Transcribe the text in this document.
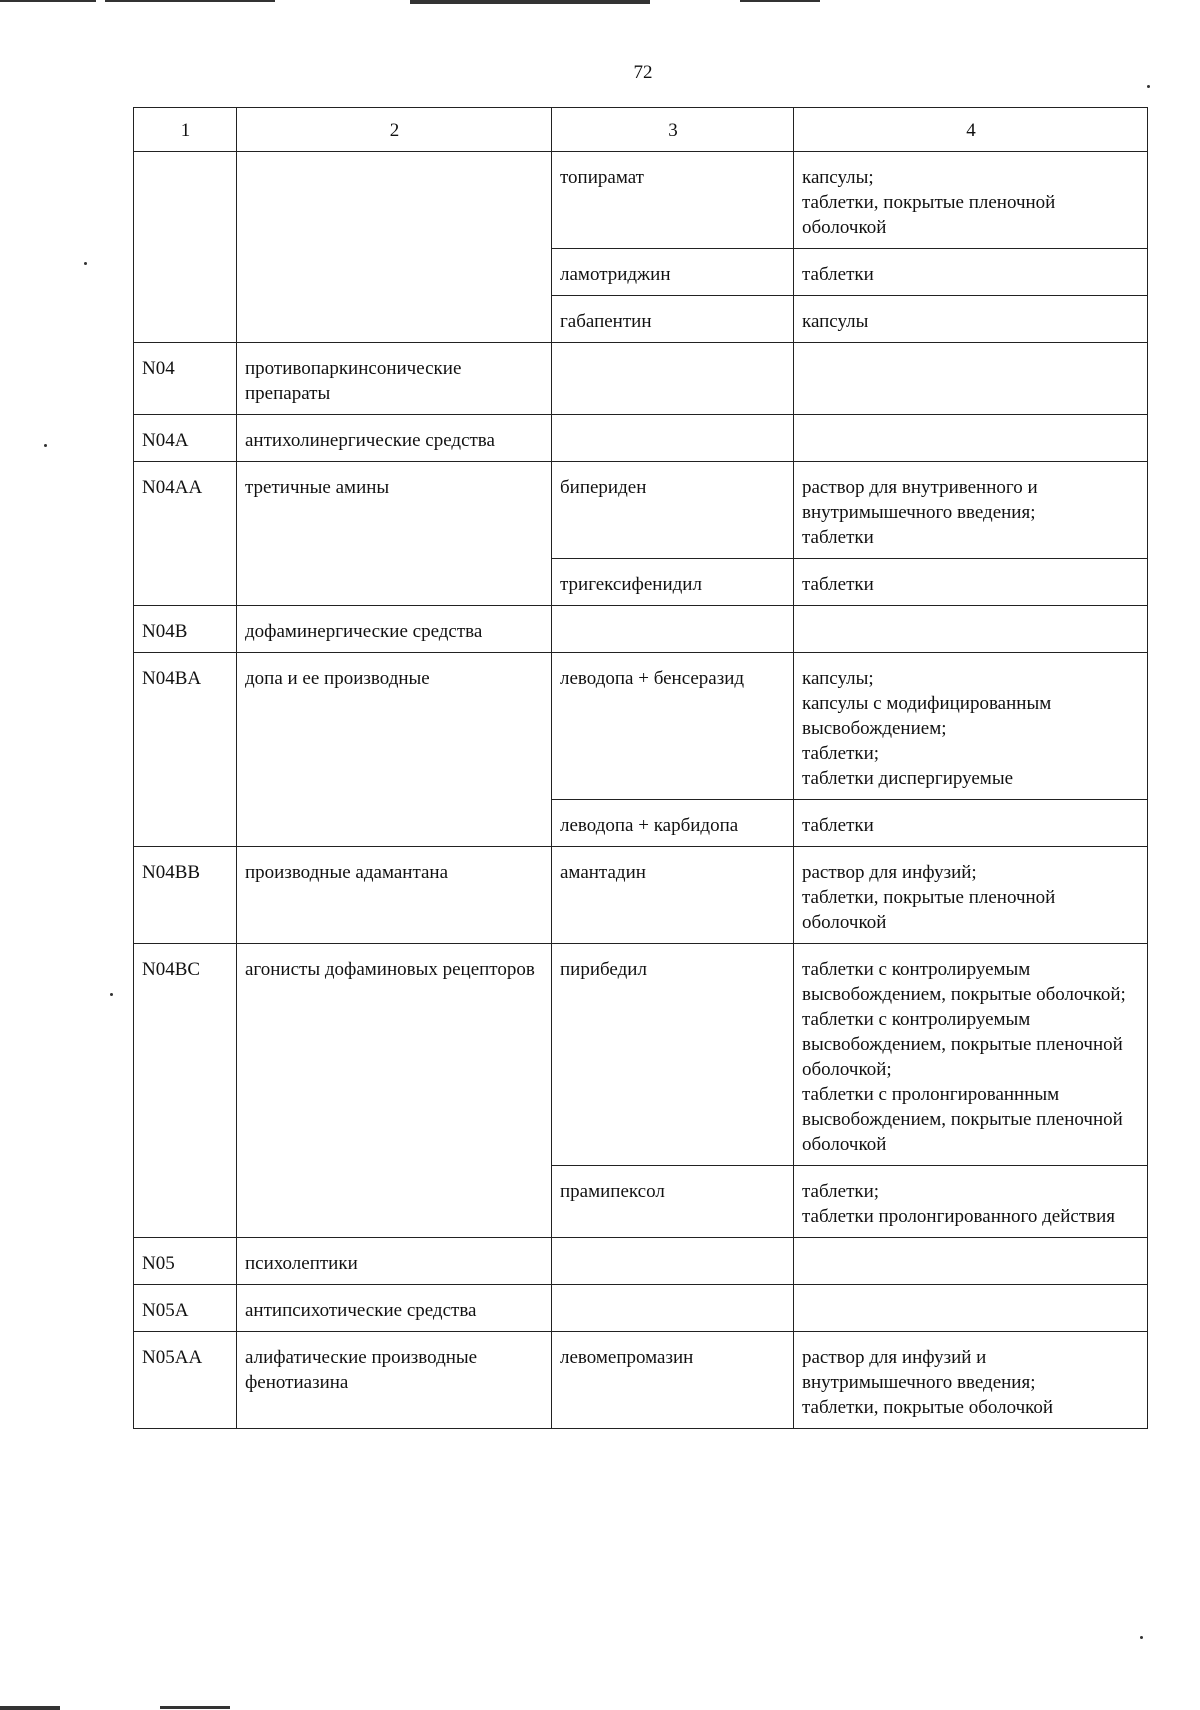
72
1	2	3	4
		топирамат	капсулы;
таблетки, покрытые пленочной оболочкой
		ламотриджин	таблетки
		габапентин	капсулы
N04	противопаркинсонические препараты		
N04A	антихолинергические средства		
N04AA	третичные амины	бипериден	раствор для внутривенного и внутримышечного введения;
таблетки
		тригексифенидил	таблетки
N04B	дофаминергические средства		
N04BA	допа и ее производные	леводопа + бенсеразид	капсулы;
капсулы с модифицированным высвобождением;
таблетки;
таблетки диспергируемые
		леводопа + карбидопа	таблетки
N04BB	производные адамантана	амантадин	раствор для инфузий;
таблетки, покрытые пленочной оболочкой
N04BC	агонисты дофаминовых рецепторов	пирибедил	таблетки с контролируемым высвобождением, покрытые оболочкой;
таблетки с контролируемым высвобождением, покрытые пленочной оболочкой;
таблетки с пролонгированнным высвобождением, покрытые пленочной оболочкой
		прамипексол	таблетки;
таблетки пролонгированного действия
N05	психолептики		
N05A	антипсихотические средства		
N05AA	алифатические производные фенотиазина	левомепромазин	раствор для инфузий и внутримышечного введения;
таблетки, покрытые оболочкой
